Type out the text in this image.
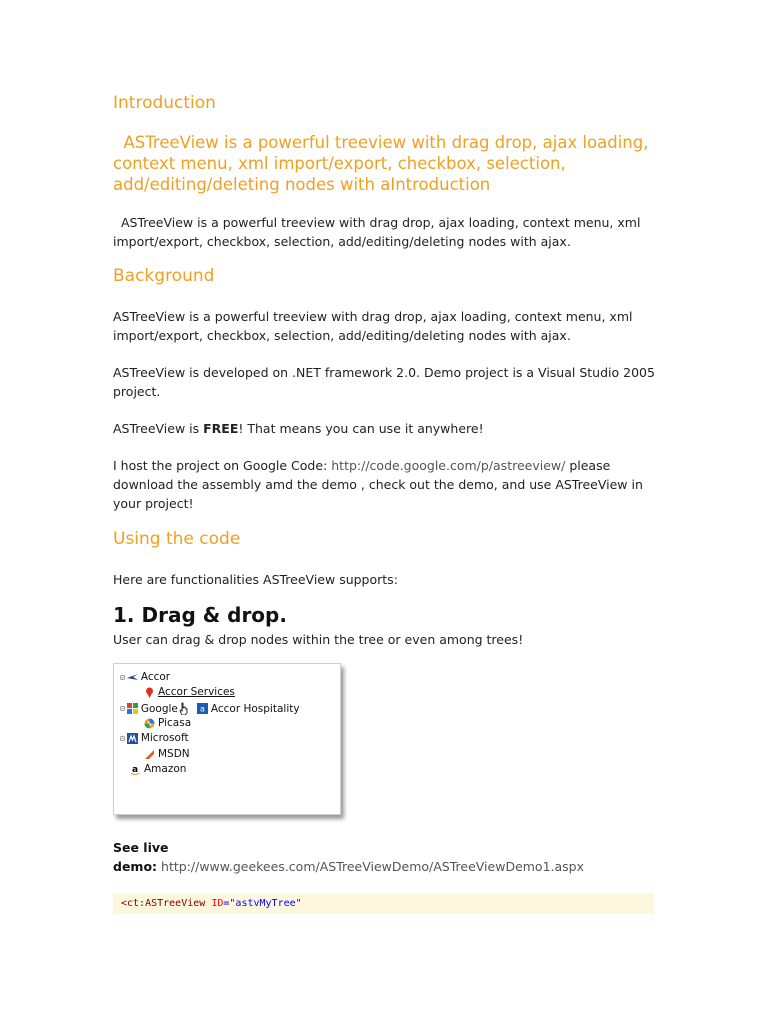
Introduction

ASTreeView is a powerful treeview with drag drop, ajax loading, context menu, xml import/export, checkbox, selection, add/editing/deleting nodes with aIntroduction

ASTreeView is a powerful treeview with drag drop, ajax loading, context menu, xml import/export, checkbox, selection, add/editing/deleting nodes with ajax.

Background

ASTreeView is a powerful treeview with drag drop, ajax loading, context menu, xml import/export, checkbox, selection, add/editing/deleting nodes with ajax.

ASTreeView is developed on .NET framework 2.0. Demo project is a Visual Studio 2005 project.

ASTreeView is FREE! That means you can use it anywhere!

I host the project on Google Code: http://code.google.com/p/astreeview/ please download the assembly amd the demo , check out the demo, and use ASTreeView in your project!

Using the code

Here are functionalities ASTreeView supports:

1. Drag & drop.

User can drag & drop nodes within the tree or even among trees!

⊟ Accor
Accor Services
⊟ Google	a Accor Hospitality
Picasa
⊟ Microsoft
MSDN
a Amazon

See live

demo: http://www.geekees.com/ASTreeViewDemo/ASTreeViewDemo1.aspx

<ct:ASTreeView ID="astvMyTree"
